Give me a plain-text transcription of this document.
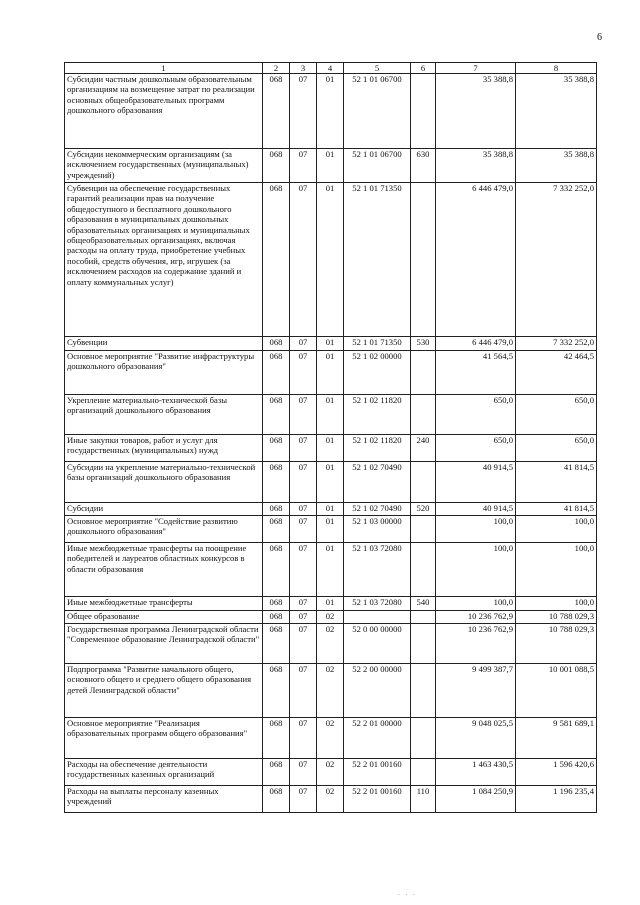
6
1	2	3	4	5	6	7	8
Субсидии частным дошкольным образовательным организациям на возмещение затрат по реализации основных общеобразовательных программ дошкольного образования	068	07	01	52 1 01 06700		35 388,8	35 388,8
Субсидии некоммерческим организациям (за исключением государственных (муниципальных) учреждений)	068	07	01	52 1 01 06700	630	35 388,8	35 388,8
Субвенции на обеспечение государственных гарантий реализации прав на получение общедоступного и бесплатного дошкольного образования в муниципальных дошкольных образовательных организациях и муниципальных общеобразовательных организациях, включая расходы на оплату труда, приобретение учебных пособий, средств обучения, игр, игрушек (за исключением расходов на содержание зданий и оплату коммунальных услуг)	068	07	01	52 1 01 71350		6 446 479,0	7 332 252,0
Субвенции	068	07	01	52 1 01 71350	530	6 446 479,0	7 332 252,0
Основное мероприятие "Развитие инфраструктуры дошкольного образования"	068	07	01	52 1 02 00000		41 564,5	42 464,5
Укрепление материально-технической базы организаций дошкольного образования	068	07	01	52 1 02 11820		650,0	650,0
Иные закупки товаров, работ и услуг для государственных (муниципальных) нужд	068	07	01	52 1 02 11820	240	650,0	650,0
Субсидии на укрепление материально-технической базы организаций дошкольного образования	068	07	01	52 1 02 70490		40 914,5	41 814,5
Субсидии	068	07	01	52 1 02 70490	520	40 914,5	41 814,5
Основное мероприятие "Содействие развитию дошкольного образования"	068	07	01	52 1 03 00000		100,0	100,0
Иные межбюджетные трансферты на поощрение победителей и лауреатов областных конкурсов в области образования	068	07	01	52 1 03 72080		100,0	100,0
Иные межбюджетные трансферты	068	07	01	52 1 03 72080	540	100,0	100,0
Общее образование	068	07	02			10 236 762,9	10 788 029,3
Государственная программа Ленинградской области "Современное образование Ленинградской области"	068	07	02	52 0 00 00000		10 236 762,9	10 788 029,3
Подпрограмма "Развитие начального общего, основного общего и среднего общего образования детей Ленинградской области"	068	07	02	52 2 00 00000		9 499 387,7	10 001 088,5
Основное мероприятие "Реализация образовательных программ общего образования"	068	07	02	52 2 01 00000		9 048 025,5	9 581 689,1
Расходы на обеспечение деятельности государственных казенных организаций	068	07	02	52 2 01 00160		1 463 430,5	1 596 420,6
Расходы на выплаты персоналу казенных учреждений	068	07	02	52 2 01 00160	110	1 084 250,9	1 196 235,4
. . .
